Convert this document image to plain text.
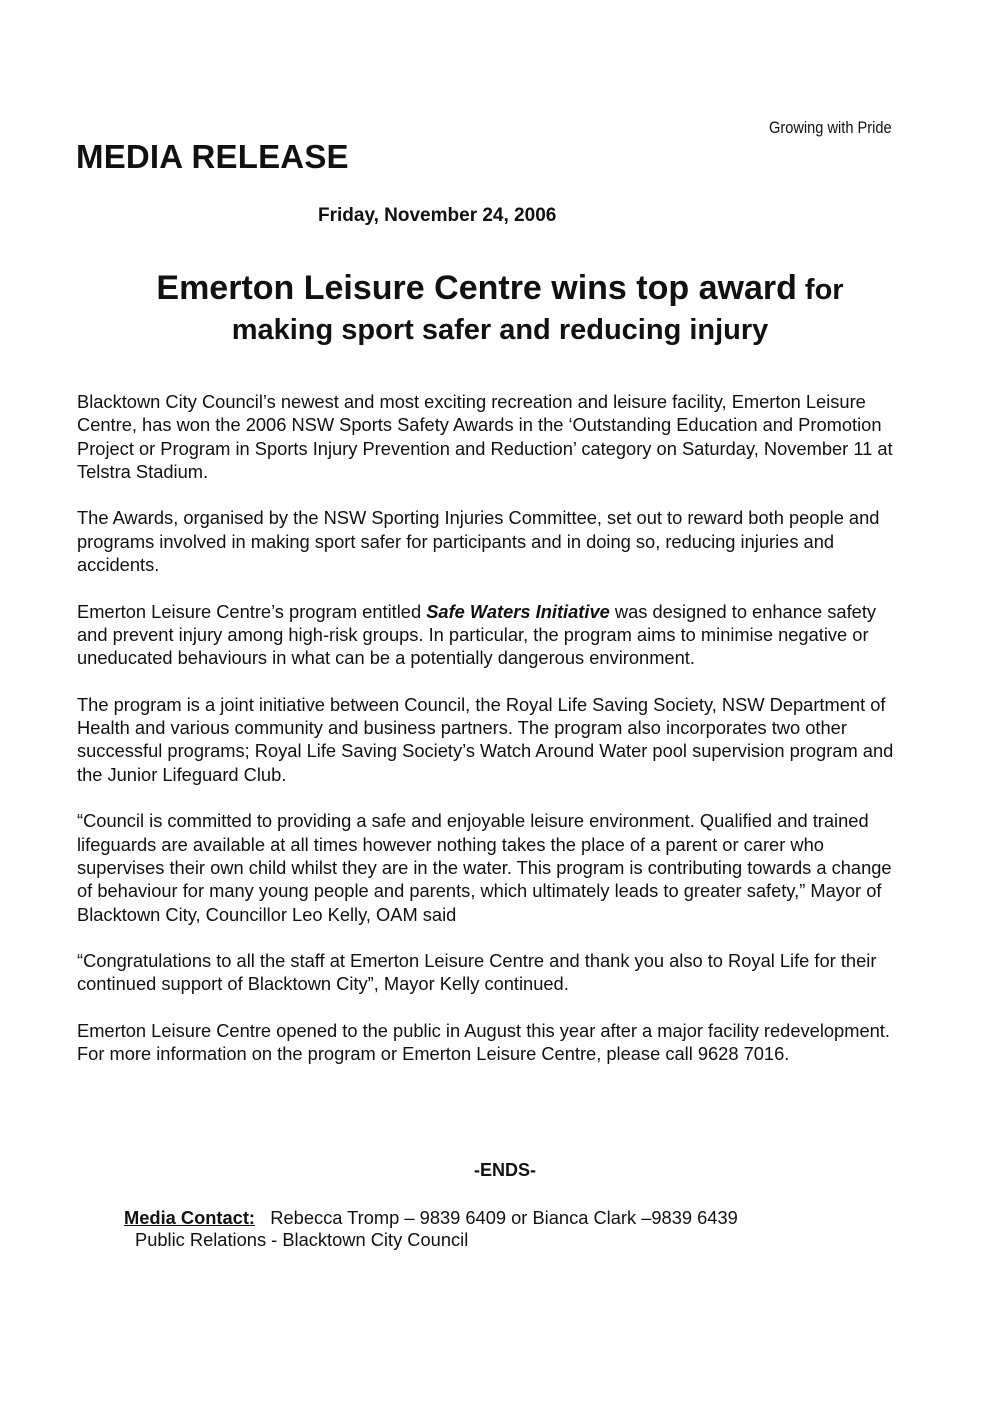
Growing with Pride
MEDIA RELEASE
Friday, November 24, 2006
Emerton Leisure Centre wins top award for
making sport safer and reducing injury

Blacktown City Council’s newest and most exciting recreation and leisure facility, Emerton Leisure Centre, has won the 2006 NSW Sports Safety Awards in the ‘Outstanding Education and Promotion Project or Program in Sports Injury Prevention and Reduction’ category on Saturday, November 11 at Telstra Stadium.

The Awards, organised by the NSW Sporting Injuries Committee, set out to reward both people and programs involved in making sport safer for participants and in doing so, reducing injuries and accidents.

Emerton Leisure Centre’s program entitled Safe Waters Initiative was designed to enhance safety and prevent injury among high-risk groups. In particular, the program aims to minimise negative or uneducated behaviours in what can be a potentially dangerous environment.

The program is a joint initiative between Council, the Royal Life Saving Society, NSW Department of Health and various community and business partners. The program also incorporates two other successful programs; Royal Life Saving Society’s Watch Around Water pool supervision program and the Junior Lifeguard Club.

“Council is committed to providing a safe and enjoyable leisure environment. Qualified and trained lifeguards are available at all times however nothing takes the place of a parent or carer who supervises their own child whilst they are in the water. This program is contributing towards a change of behaviour for many young people and parents, which ultimately leads to greater safety,” Mayor of Blacktown City, Councillor Leo Kelly, OAM said

“Congratulations to all the staff at Emerton Leisure Centre and thank you also to Royal Life for their continued support of Blacktown City”, Mayor Kelly continued.

Emerton Leisure Centre opened to the public in August this year after a major facility redevelopment. For more information on the program or Emerton Leisure Centre, please call 9628 7016.

-ENDS-
Media Contact: Rebecca Tromp – 9839 6409 or Bianca Clark –9839 6439
Public Relations - Blacktown City Council
